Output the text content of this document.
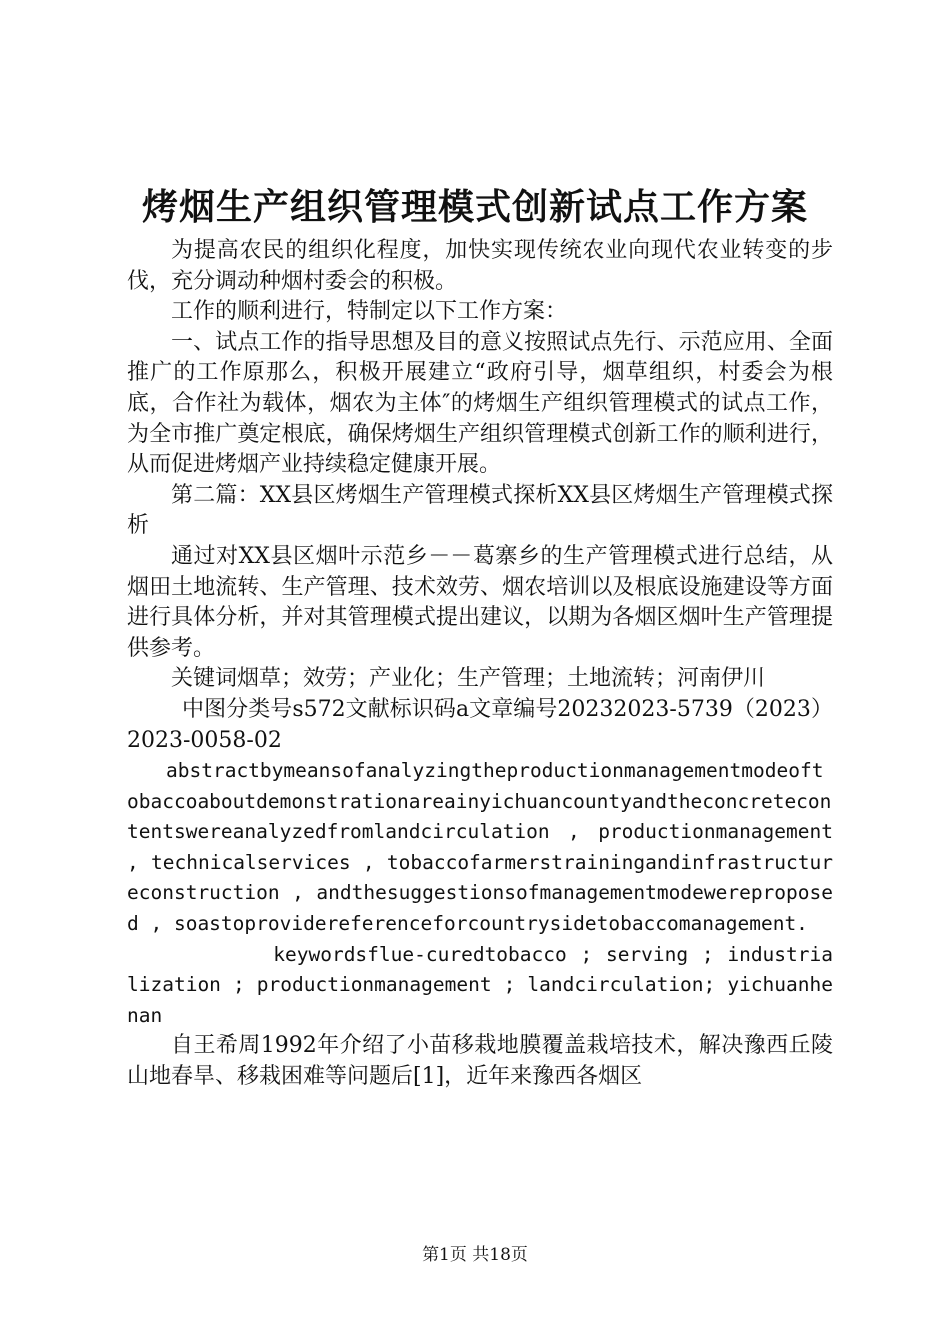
烤烟生产组织管理模式创新试点工作方案

为提高农民的组织化程度，加快实现传统农业向现代农业转变的步伐，充分调动种烟村委会的积极。

工作的顺利进行，特制定以下工作方案：

一、试点工作的指导思想及目的意义按照试点先行、示范应用、全面推广的工作原那么，积极开展建立“政府引导，烟草组织，村委会为根底，合作社为载体，烟农为主体″的烤烟生产组织管理模式的试点工作，为全市推广奠定根底，确保烤烟生产组织管理模式创新工作的顺利进行，从而促进烤烟产业持续稳定健康开展。

第二篇：XX县区烤烟生产管理模式探析XX县区烤烟生产管理模式探析

通过对XX县区烟叶示范乡－－葛寨乡的生产管理模式进行总结，从烟田土地流转、生产管理、技术效劳、烟农培训以及根底设施建设等方面进行具体分析，并对其管理模式提出建议，以期为各烟区烟叶生产管理提供参考。

关键词烟草；效劳；产业化；生产管理；土地流转；河南伊川

中图分类号s572文献标识码a文章编号20232023-5739（2023）2023-0058-02

abstractbymeansofanalyzingtheproductionmanagementmodeoftobaccoaboutdemonstrationareainyichuancountyandtheconcretecontentswereanalyzedfromlandcirculation , productionmanagement , technicalservices , tobaccofarmerstrainingandinfrastructureconstruction , andthesuggestionsofmanagementmodewereproposed , soastoprovidereferenceforcountrysidetobaccomanagement.

keywordsflue-curedtobacco ; serving ; industrialization ; productionmanagement ; landcirculation; yichuanhenan

自王希周1992年介绍了小苗移栽地膜覆盖栽培技术，解决豫西丘陵山地春旱、移栽困难等问题后[1]，近年来豫西各烟区

第1页 共18页
